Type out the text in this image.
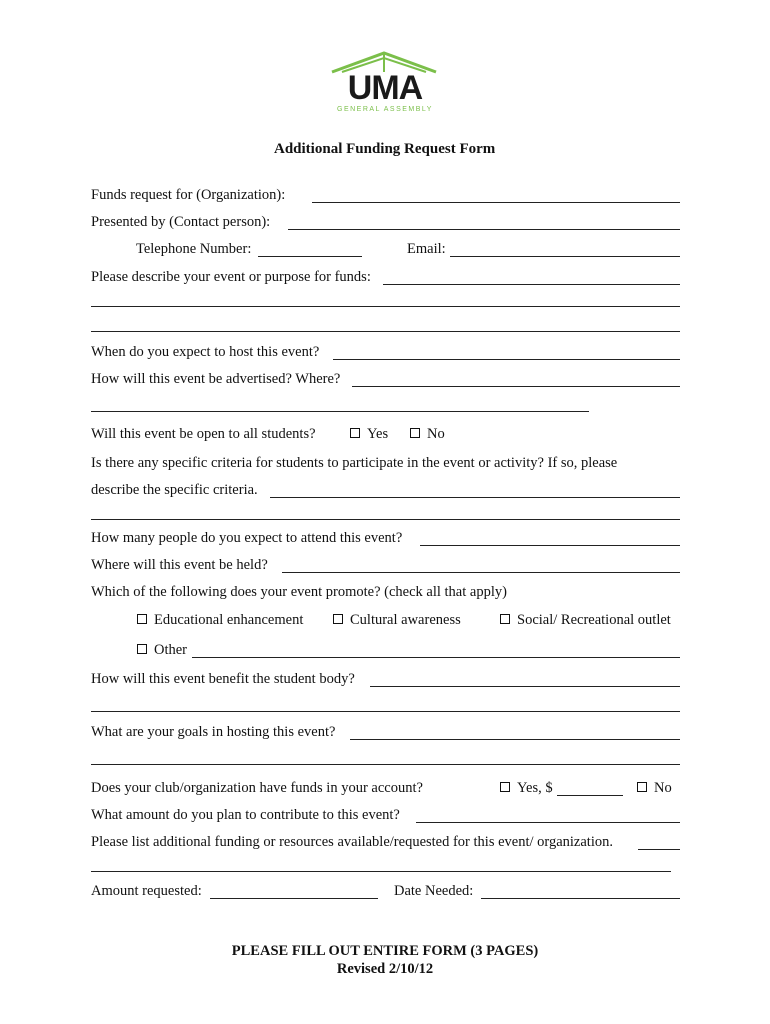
UMA
GENERAL ASSEMBLY
Additional Funding Request Form
Funds request for (Organization):
Presented by (Contact person):
Telephone Number:	Email:
Please describe your event or purpose for funds:
When do you expect to host this event?
How will this event be advertised? Where?
Will this event be open to all students?	Yes	No
Is there any specific criteria for students to participate in the event or activity? If so, please
describe the specific criteria.
How many people do you expect to attend this event?
Where will this event be held?
Which of the following does your event promote? (check all that apply)
Educational enhancement	Cultural awareness	Social/ Recreational outlet
Other
How will this event benefit the student body?
What are your goals in hosting this event?
Does your club/organization have funds in your account?	Yes, $	No
What amount do you plan to contribute to this event?
Please list additional funding or resources available/requested for this event/ organization.
Amount requested:	Date Needed:
PLEASE FILL OUT ENTIRE FORM (3 PAGES)
Revised 2/10/12
